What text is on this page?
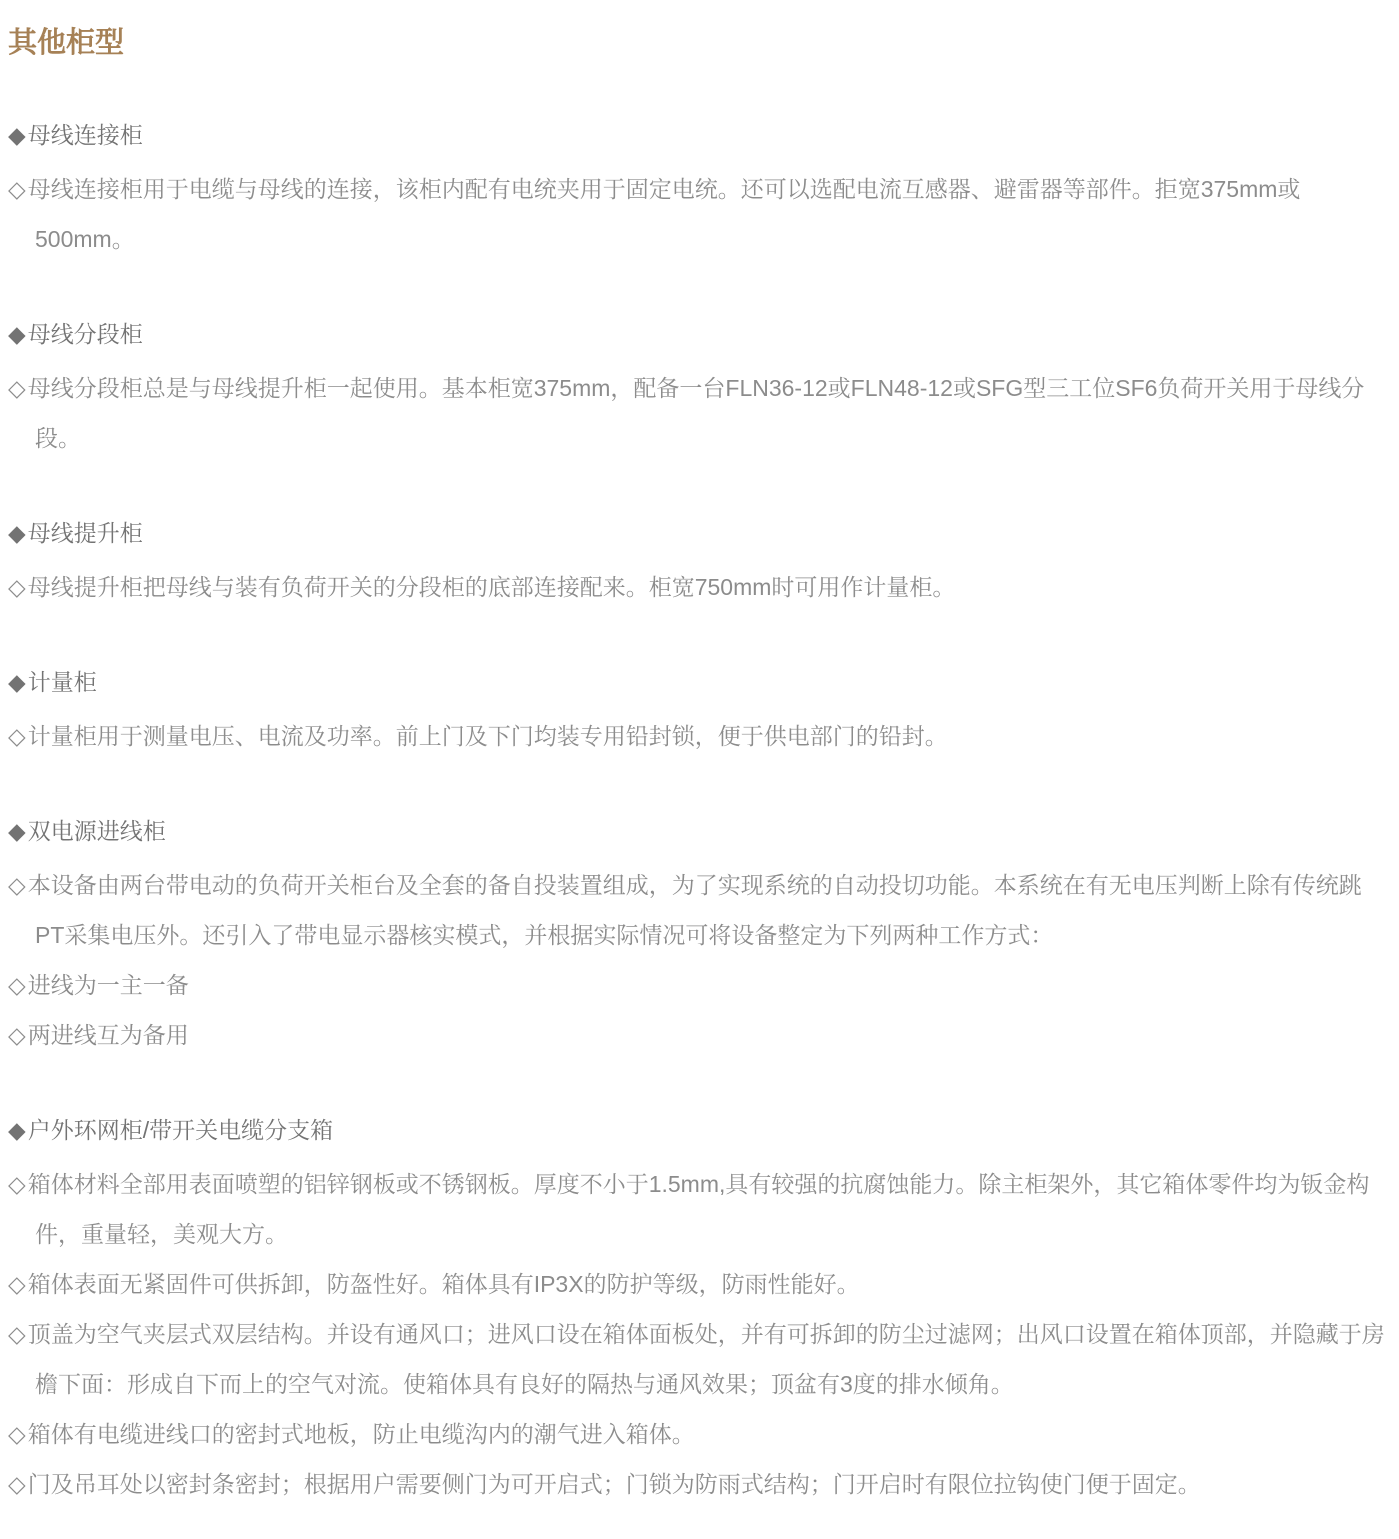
其他柜型
◆母线连接柜

◇母线连接柜用于电缆与母线的连接，该柜内配有电统夹用于固定电统。还可以选配电流互感器、避雷器等部件。拒宽375mm或500mm。

◆母线分段柜

◇母线分段柜总是与母线提升柜一起使用。基本柜宽375mm，配备一台FLN36-12或FLN48-12或SFG型三工位SF6负荷开关用于母线分段。

◆母线提升柜

◇母线提升柜把母线与装有负荷开关的分段柜的底部连接配来。柜宽750mm时可用作计量柜。

◆计量柜

◇计量柜用于测量电压、电流及功率。前上门及下门均装专用铅封锁，便于供电部门的铅封。

◆双电源进线柜

◇本设备由两台带电动的负荷开关柜台及全套的备自投装置组成，为了实现系统的自动投切功能。本系统在有无电压判断上除有传统跳PT采集电压外。还引入了带电显示器核实模式，并根据实际情况可将设备整定为下列两种工作方式：

◇进线为一主一备

◇两进线互为备用

◆户外环网柜/带开关电缆分支箱

◇箱体材料全部用表面喷塑的铝锌钢板或不锈钢板。厚度不小于1.5mm,具有较强的抗腐蚀能力。除主柜架外，其它箱体零件均为钣金构件，重量轻，美观大方。

◇箱体表面无紧固件可供拆卸，防盔性好。箱体具有IP3X的防护等级，防雨性能好。

◇顶盖为空气夹层式双层结构。并设有通风口；进风口设在箱体面板处，并有可拆卸的防尘过滤网；出风口设置在箱体顶部，并隐藏于房檐下面：形成自下而上的空气对流。使箱体具有良好的隔热与通风效果；顶盆有3度的排水倾角。

◇箱体有电缆进线口的密封式地板，防止电缆沟内的潮气进入箱体。

◇门及吊耳处以密封条密封；根据用户需要侧门为可开启式；门锁为防雨式结构；门开启时有限位拉钩使门便于固定。
